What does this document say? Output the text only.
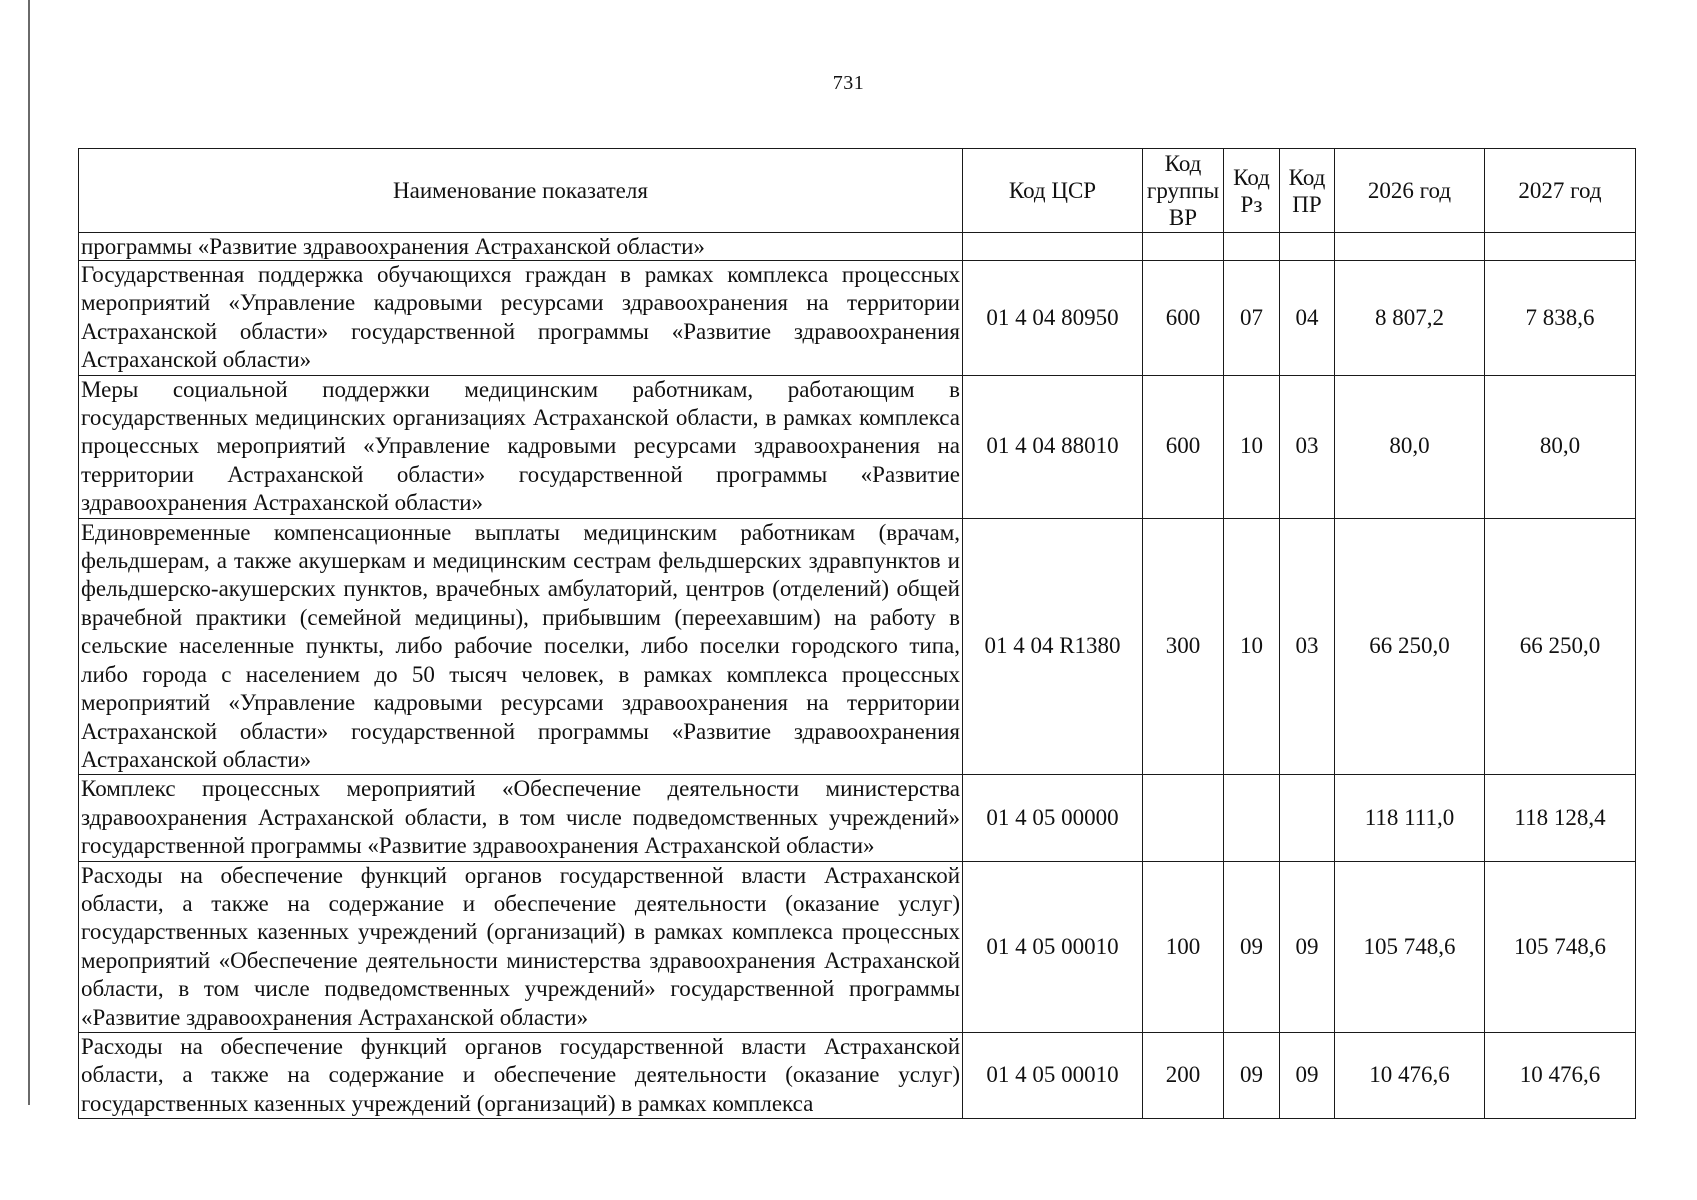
731
Наименование показателя	Код ЦСР	Код группы ВР	Код Рз	Код ПР	2026 год	2027 год
программы «Развитие здравоохранения Астраханской области»						
Государственная поддержка обучающихся граждан в рамках комплекса процессных мероприятий «Управление кадровыми ресурсами здравоохранения на территории Астраханской области» государственной программы «Развитие здравоохранения Астраханской области»	01 4 04 80950	600	07	04	8 807,2	7 838,6
Меры социальной поддержки медицинским работникам, работающим в государственных медицинских организациях Астраханской области, в рамках комплекса процессных мероприятий «Управление кадровыми ресурсами здравоохранения на территории Астраханской области» государственной программы «Развитие здравоохранения Астраханской области»	01 4 04 88010	600	10	03	80,0	80,0
Единовременные компенсационные выплаты медицинским работникам (врачам, фельдшерам, а также акушеркам и медицинским сестрам фельдшерских здравпунктов и фельдшерско-акушерских пунктов, врачебных амбулаторий, центров (отделений) общей врачебной практики (семейной медицины), прибывшим (переехавшим) на работу в сельские населенные пункты, либо рабочие поселки, либо поселки городского типа, либо города с населением до 50 тысяч человек, в рамках комплекса процессных мероприятий «Управление кадровыми ресурсами здравоохранения на территории Астраханской области» государственной программы «Развитие здравоохранения Астраханской области»	01 4 04 R1380	300	10	03	66 250,0	66 250,0
Комплекс процессных мероприятий «Обеспечение деятельности министерства здравоохранения Астраханской области, в том числе подведомственных учреждений» государственной программы «Развитие здравоохранения Астраханской области»	01 4 05 00000				118 111,0	118 128,4
Расходы на обеспечение функций органов государственной власти Астраханской области, а также на содержание и обеспечение деятельности (оказание услуг) государственных казенных учреждений (организаций) в рамках комплекса процессных мероприятий «Обеспечение деятельности министерства здравоохранения Астраханской области, в том числе подведомственных учреждений» государственной программы «Развитие здравоохранения Астраханской области»	01 4 05 00010	100	09	09	105 748,6	105 748,6
Расходы на обеспечение функций органов государственной власти Астраханской области, а также на содержание и обеспечение деятельности (оказание услуг) государственных казенных учреждений (организаций) в рамках комплекса	01 4 05 00010	200	09	09	10 476,6	10 476,6
